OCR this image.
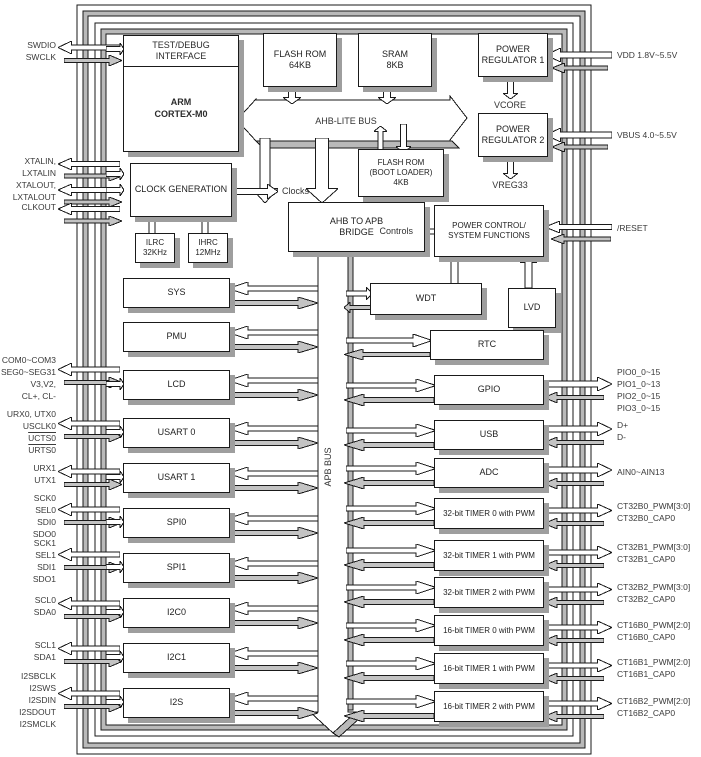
TEST/DEBUG
INTERFACE
ARM
CORTEX-M0
FLASH ROM
64KB
SRAM
8KB
POWER
REGULATOR 1
POWER
REGULATOR 2
FLASH ROM
(BOOT LOADER)
4KB
CLOCK GENERATION
ILRC
32KHz
IHRC
12MHz
AHB TO APB
BRIDGE
POWER CONTROL/
SYSTEM FUNCTIONS
WDT
LVD
SYS
PMU
LCD
USART 0
USART 1
SPI0
SPI1
I2C0
I2C1
I2S
RTC
GPIO
USB
ADC
32-bit TIMER 0 with PWM
32-bit TIMER 1 with PWM
32-bit TIMER 2 with PWM
16-bit TIMER 0 with PWM
16-bit TIMER 1 with PWM
16-bit TIMER 2 with PWM
AHB-LITE BUS
APB BUS
Clocks
Controls
VCORE
VREG33
SWDIO
SWCLK
XTALIN,
LXTALIN
XTALOUT,
LXTALOUT
CLKOUT
COM0~COM3
SEG0~SEG31
V3,V2,
CL+, CL-
URX0, UTX0
USCLK0
UCTS0
URTS0
URX1
UTX1
SCK0
SEL0
SDI0
SDO0
SCK1
SEL1
SDI1
SDO1
SCL0
SDA0
SCL1
SDA1
I2SBCLK
I2SWS
I2SDIN
I2SDOUT
I2SMCLK
VDD 1.8V~5.5V
VBUS 4.0~5.5V
/RESET
PIO0_0~15
PIO1_0~13
PIO2_0~15
PIO3_0~15
D+
D-
AIN0~AIN13
CT32B0_PWM[3:0]
CT32B0_CAP0
CT32B1_PWM[3:0]
CT32B1_CAP0
CT32B2_PWM[3:0]
CT32B2_CAP0
CT16B0_PWM[2:0]
CT16B0_CAP0
CT16B1_PWM[2:0]
CT16B1_CAP0
CT16B2_PWM[2:0]
CT16B2_CAP0
